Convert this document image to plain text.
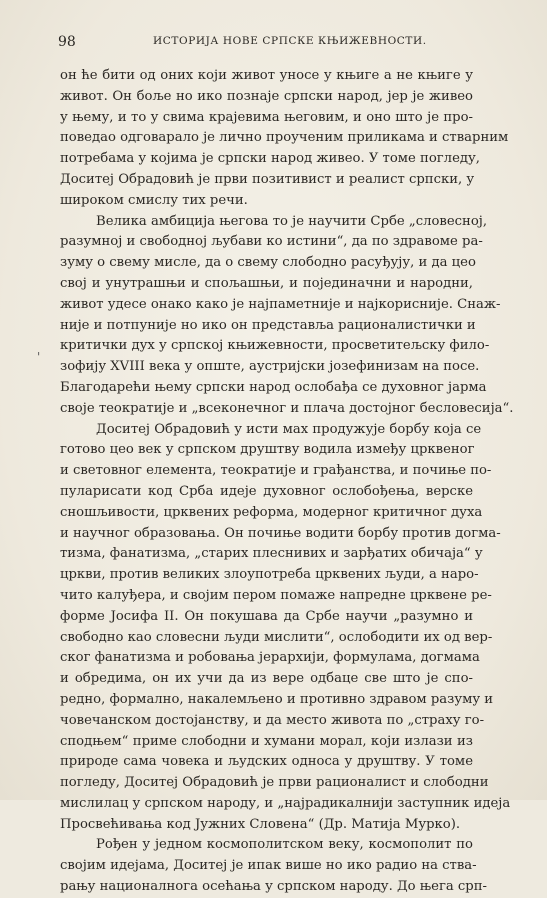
98	ИСТОРИЈА НОВЕ СРПСКЕ КЊИЖЕВНОСТИ.
'
он ће бити од оних који живот уносе у књиге а не књиге у
живот. Он боље но ико познаје српски народ, јер је живео
у њему, и то у свима крајевима његовим, и оно што је про-
поведао одговарало је лично проученим приликама и стварним
потребама у којима је српски народ живео. У томе погледу,
Доситеј Обрадовић је први позитивист и реалист српски, у
широком смислу тих речи.
Велика амбиција његова то је научити Србе „словесној,
разумној и свободној љубави ко истини“, да по здравоме ра-
зуму о свему мисле, да о свему слободно расуђују, и да цео
свој и унутрашњи и спољашњи, и појединачни и народни,
живот удесе онако како је најпаметније и најкорисније. Снаж-
није и потпуније но ико он представља рационалистички и
критички дух у српској књижевности, просветитељску фило-
зофију XVIII века у опште, аустријски јозефинизам на посе.
Благодарећи њему српски народ ослобађа се духовног јарма
своје теократије и „всеконечног и плача достојног бесловесија“.
Доситеј Обрадовић у исти мах продужује борбу која се
готово цео век у српском друштву водила између црквеног
и световног елемента, теократије и грађанства, и почиње по-
пуларисати код Срба идеје духовног ослобођења, верске
сношљивости, црквених реформа, модерног критичног духа
и научног образовања. Он почиње водити борбу против догма-
тизма, фанатизма, „старих плеснивих и зарђатих обичаја“ у
цркви, против великих злоупотреба црквених људи, а наро-
чито калуђера, и својим пером помаже напредне црквене ре-
форме Јосифа II. Он покушава да Србе научи „разумно и
свободно као словесни људи мислити“, ослободити их од вер-
ског фанатизма и робовања јерархији, формулама, догмама
и обредима, он их учи да из вере одбаце све што је спо-
редно, формално, накалемљено и противно здравом разуму и
човечанском достојанству, и да место живота по „страху го-
сподњем“ приме слободни и хумани морал, који излази из
природе сама човека и људских односа у друштву. У томе
погледу, Доситеј Обрадовић је први рационалист и слободни
мислилац у српском народу, и „најрадикалнији заступник идеја
Просвећивања код Јужних Словена“ (Др. Матија Мурко).
Рођен у једном космополитском веку, космополит по
својим идејама, Доситеј је ипак више но ико радио на ства-
рању националнога осећања у српском народу. До њега срп-
